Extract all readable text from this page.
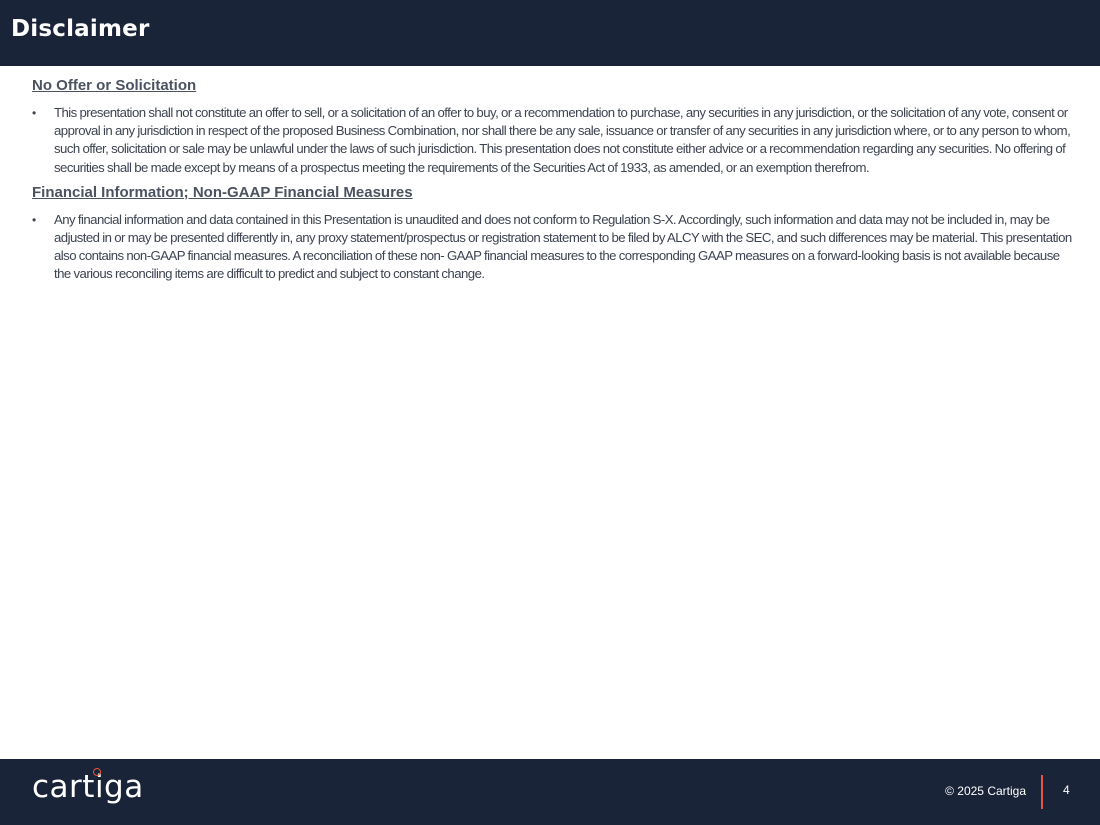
Disclaimer
No Offer or Solicitation
• This presentation shall not constitute an offer to sell, or a solicitation of an offer to buy, or a recommendation to purchase, any securities in any jurisdiction, or the solicitation of any vote, consent or approval in any jurisdiction in respect of the proposed Business Combination, nor shall there be any sale, issuance or transfer of any securities in any jurisdiction where, or to any person to whom, such offer, solicitation or sale may be unlawful under the laws of such jurisdiction. This presentation does not constitute either advice or a recommendation regarding any securities. No offering of securities shall be made except by means of a prospectus meeting the requirements of the Securities Act of 1933, as amended, or an exemption therefrom.
Financial Information; Non-GAAP Financial Measures
• Any financial information and data contained in this Presentation is unaudited and does not conform to Regulation S-X. Accordingly, such information and data may not be included in, may be adjusted in or may be presented differently in, any proxy statement/prospectus or registration statement to be filed by ALCY with the SEC, and such differences may be material. This presentation also contains non-GAAP financial measures. A reconciliation of these non- GAAP financial measures to the corresponding GAAP measures on a forward-looking basis is not available because the various reconciling items are difficult to predict and subject to constant change.
cartiga	© 2025 Cartiga	4
